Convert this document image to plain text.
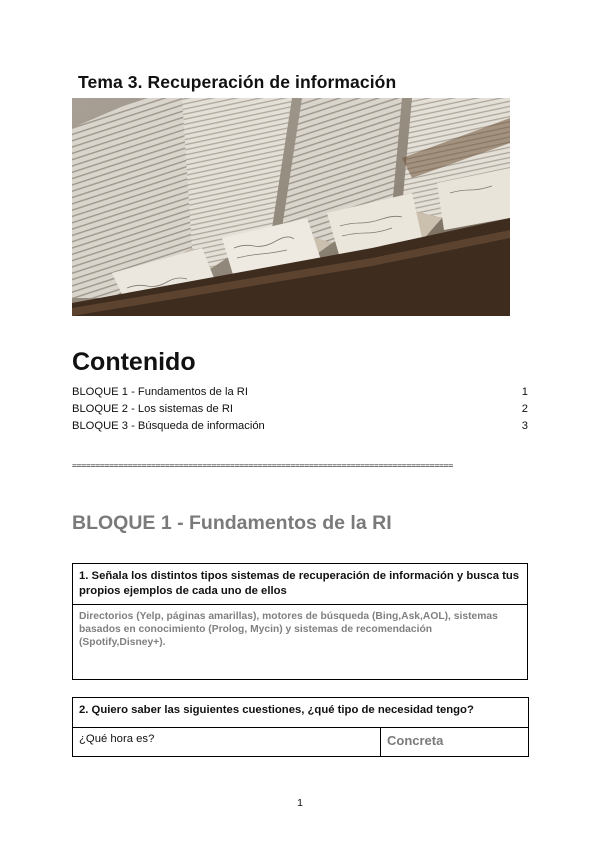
Tema 3. Recuperación de información
Contenido
BLOQUE 1 - Fundamentos de la RI	1
BLOQUE 2 - Los sistemas de RI	2
BLOQUE 3 - Búsqueda de información	3
==================================================================================
BLOQUE 1 - Fundamentos de la RI
1. Señala los distintos tipos sistemas de recuperación de información y busca tus propios ejemplos de cada uno de ellos
Directorios (Yelp, páginas amarillas), motores de búsqueda (Bing,Ask,AOL), sistemas basados en conocimiento (Prolog, Mycin) y sistemas de recomendación (Spotify,Disney+).
2. Quiero saber las siguientes cuestiones, ¿qué tipo de necesidad tengo?
¿Qué hora es?	Concreta
1
